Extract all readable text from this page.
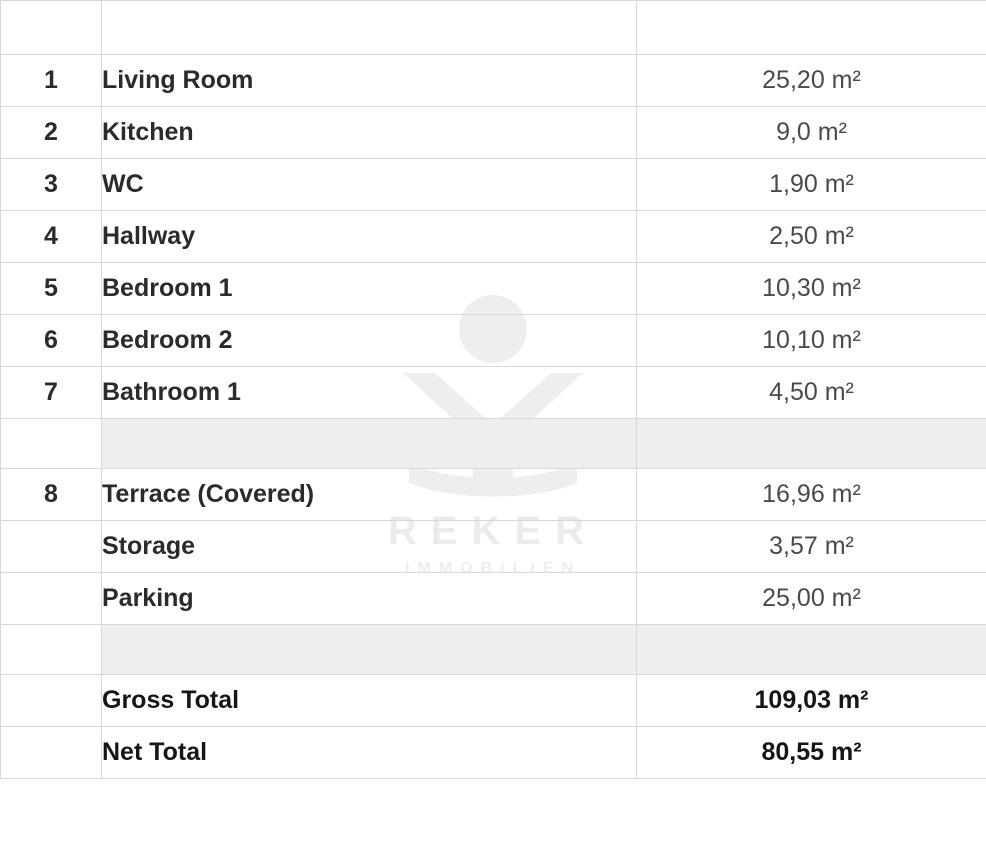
REKER
IMMOBILIEN
#	A6	Surface
1	Living Room	25,20 m²
2	Kitchen	9,0 m²
3	WC	1,90 m²
4	Hallway	2,50 m²
5	Bedroom 1	10,30 m²
6	Bedroom 2	10,10 m²
7	Bathroom 1	4,50 m²

8	Terrace (Covered)	16,96 m²
	Storage	3,57 m²
	Parking	25,00 m²

	Gross Total	109,03 m²
	Net Total	80,55 m²
